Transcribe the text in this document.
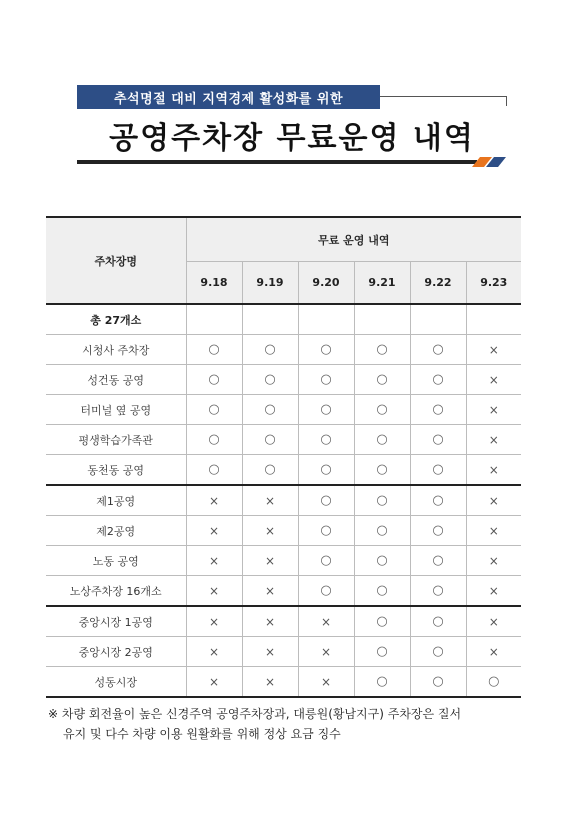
추석명절 대비 지역경제 활성화를 위한
공영주차장 무료운영 내역
주차장명	무료 운영 내역					
	9.18	9.19	9.20	9.21	9.22	9.23
총 27개소						
시청사 주차장	○	○	○	○	○	×
성건동 공영	○	○	○	○	○	×
터미널 옆 공영	○	○	○	○	○	×
평생학습가족관	○	○	○	○	○	×
동천동 공영	○	○	○	○	○	×
제1공영	×	×	○	○	○	×
제2공영	×	×	○	○	○	×
노동 공영	×	×	○	○	○	×
노상주차장 16개소	×	×	○	○	○	×
중앙시장 1공영	×	×	×	○	○	×
중앙시장 2공영	×	×	×	○	○	×
성동시장	×	×	×	○	○	○
※ 차량 회전율이 높은 신경주역 공영주차장과, 대릉원(황남지구) 주차장은 질서
유지 및 다수 차량 이용 원활화를 위해 정상 요금 징수
